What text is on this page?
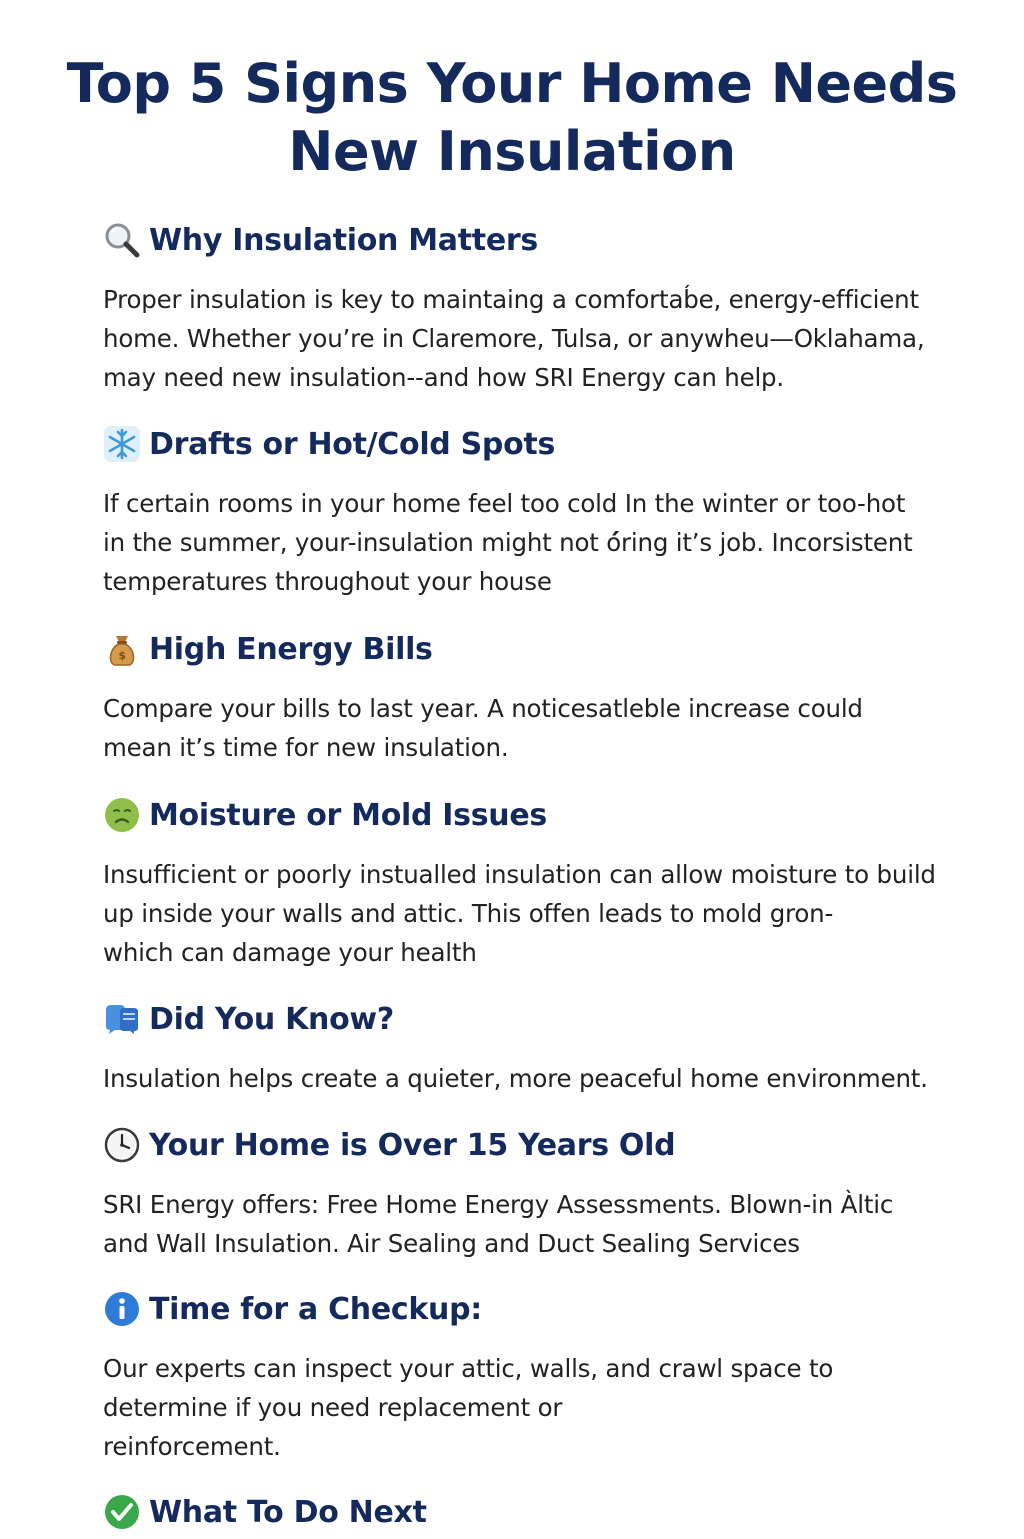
Top 5 Signs Your Home Needs
New Insulation
Why Insulation Matters

Proper insulation is key to maintaing a comfortab́e, energy-efficient
home. Whether you’re in Claremore, Tulsa, or anywheu—Oklahama,
may need new insulation--and how SRI Energy can help.

Drafts or Hot/Cold Spots

If certain rooms in your home feel too cold In the winter or too-hot
in the summer, your-insulation might not ó́ring it’s job. Incorsistent
temperatures throughout your house

$ High Energy Bills

Compare your bills to last year. A noticesatleble increase could
mean it’s time for new insulation.

Moisture or Mold Issues

Insufficient or poorly instualled insulation can allow moisture to build
up inside your walls and attic. This offen leads to mold gron-
which can damage your health

Did You Know?

Insulation helps create a quieter, more peaceful home environment.

Your Home is Over 15 Years Old

SRI Energy offers: Free Home Energy Assessments. Blown-in Àltic
and Wall Insulation. Air Sealing and Duct Sealing Services

Time for a Checkup:

Our experts can inspect your attic, walls, and crawl space to
determine if you need replacement or
reinforcement.

What To Do Next
